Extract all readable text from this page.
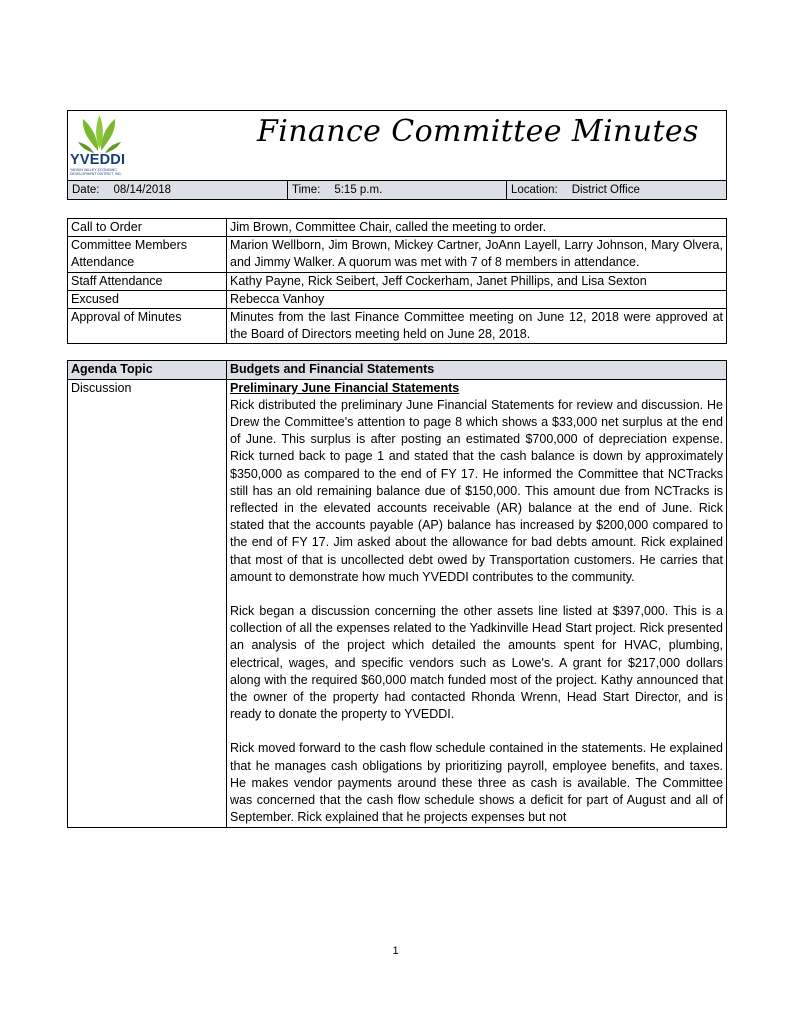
YVEDDI
YADKIN VALLEY ECONOMIC DEVELOPMENT DISTRICT, INC.
Finance Committee Minutes
Date: 08/14/2018	Time: 5:15 p.m.	Location: District Office
Call to Order	Jim Brown, Committee Chair, called the meeting to order.
Committee Members Attendance	Marion Wellborn, Jim Brown, Mickey Cartner, JoAnn Layell, Larry Johnson, Mary Olvera, and Jimmy Walker. A quorum was met with 7 of 8 members in attendance.
Staff Attendance	Kathy Payne, Rick Seibert, Jeff Cockerham, Janet Phillips, and Lisa Sexton
Excused	Rebecca Vanhoy
Approval of Minutes	Minutes from the last Finance Committee meeting on June 12, 2018 were approved at the Board of Directors meeting held on June 28, 2018.
Agenda Topic	Budgets and Financial Statements
Discussion	Preliminary June Financial Statements

Rick distributed the preliminary June Financial Statements for review and discussion. He Drew the Committee's attention to page 8 which shows a $33,000 net surplus at the end of June. This surplus is after posting an estimated $700,000 of depreciation expense. Rick turned back to page 1 and stated that the cash balance is down by approximately $350,000 as compared to the end of FY 17. He informed the Committee that NCTracks still has an old remaining balance due of $150,000. This amount due from NCTracks is reflected in the elevated accounts receivable (AR) balance at the end of June. Rick stated that the accounts payable (AP) balance has increased by $200,000 compared to the end of FY 17. Jim asked about the allowance for bad debts amount. Rick explained that most of that is uncollected debt owed by Transportation customers. He carries that amount to demonstrate how much YVEDDI contributes to the community.

Rick began a discussion concerning the other assets line listed at $397,000. This is a collection of all the expenses related to the Yadkinville Head Start project. Rick presented an analysis of the project which detailed the amounts spent for HVAC, plumbing, electrical, wages, and specific vendors such as Lowe's. A grant for $217,000 dollars along with the required $60,000 match funded most of the project. Kathy announced that the owner of the property had contacted Rhonda Wrenn, Head Start Director, and is ready to donate the property to YVEDDI.

Rick moved forward to the cash flow schedule contained in the statements. He explained that he manages cash obligations by prioritizing payroll, employee benefits, and taxes. He makes vendor payments around these three as cash is available. The Committee was concerned that the cash flow schedule shows a deficit for part of August and all of September. Rick explained that he projects expenses but not

1
